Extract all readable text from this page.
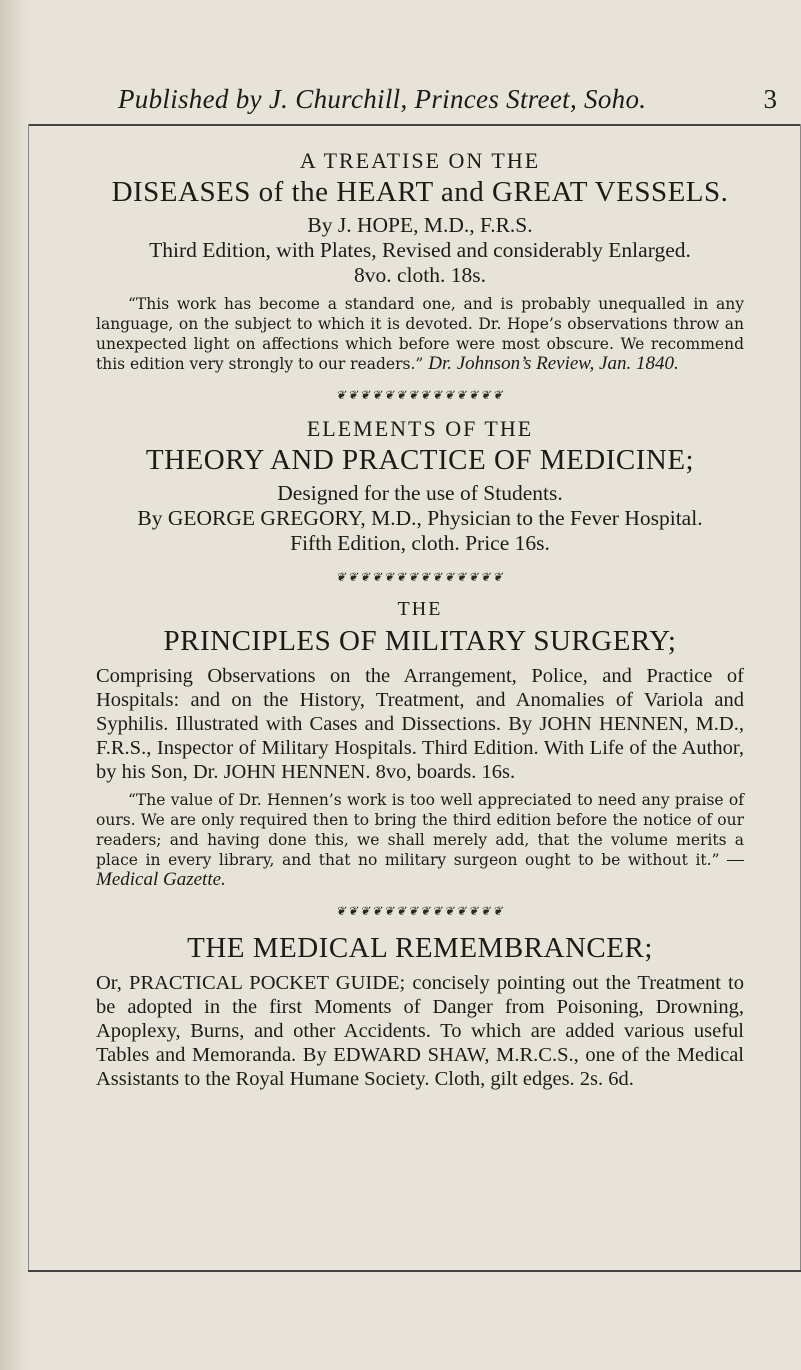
Published by J. Churchill, Princes Street, Soho.	3
A TREATISE ON THE
DISEASES of the HEART and GREAT VESSELS.
By J. HOPE, M.D., F.R.S.
Third Edition, with Plates, Revised and considerably Enlarged.
8vo. cloth. 18s.

“This work has become a standard one, and is probably unequalled in any language, on the subject to which it is devoted. Dr. Hope’s observations throw an unexpected light on affections which before were most obscure. We recommend this edition very strongly to our readers.” Dr. Johnson’s Review, Jan. 1840.

❦❦❦❦❦❦❦❦❦❦❦❦❦❦
ELEMENTS OF THE
THEORY AND PRACTICE OF MEDICINE;
Designed for the use of Students.
By GEORGE GREGORY, M.D., Physician to the Fever Hospital.
Fifth Edition, cloth. Price 16s.
❦❦❦❦❦❦❦❦❦❦❦❦❦❦
THE
PRINCIPLES OF MILITARY SURGERY;

Comprising Observations on the Arrangement, Police, and Practice of Hospitals: and on the History, Treatment, and Anomalies of Variola and Syphilis. Illustrated with Cases and Dissections. By JOHN HENNEN, M.D., F.R.S., Inspector of Military Hospitals. Third Edition. With Life of the Author, by his Son, Dr. JOHN HENNEN. 8vo, boards. 16s.

“The value of Dr. Hennen’s work is too well appreciated to need any praise of ours. We are only required then to bring the third edition before the notice of our readers; and having done this, we shall merely add, that the volume merits a place in every library, and that no military surgeon ought to be without it.” —Medical Gazette.

❦❦❦❦❦❦❦❦❦❦❦❦❦❦
THE MEDICAL REMEMBRANCER;

Or, PRACTICAL POCKET GUIDE; concisely pointing out the Treatment to be adopted in the first Moments of Danger from Poisoning, Drowning, Apoplexy, Burns, and other Accidents. To which are added various useful Tables and Memoranda. By EDWARD SHAW, M.R.C.S., one of the Medical Assistants to the Royal Humane Society. Cloth, gilt edges. 2s. 6d.
